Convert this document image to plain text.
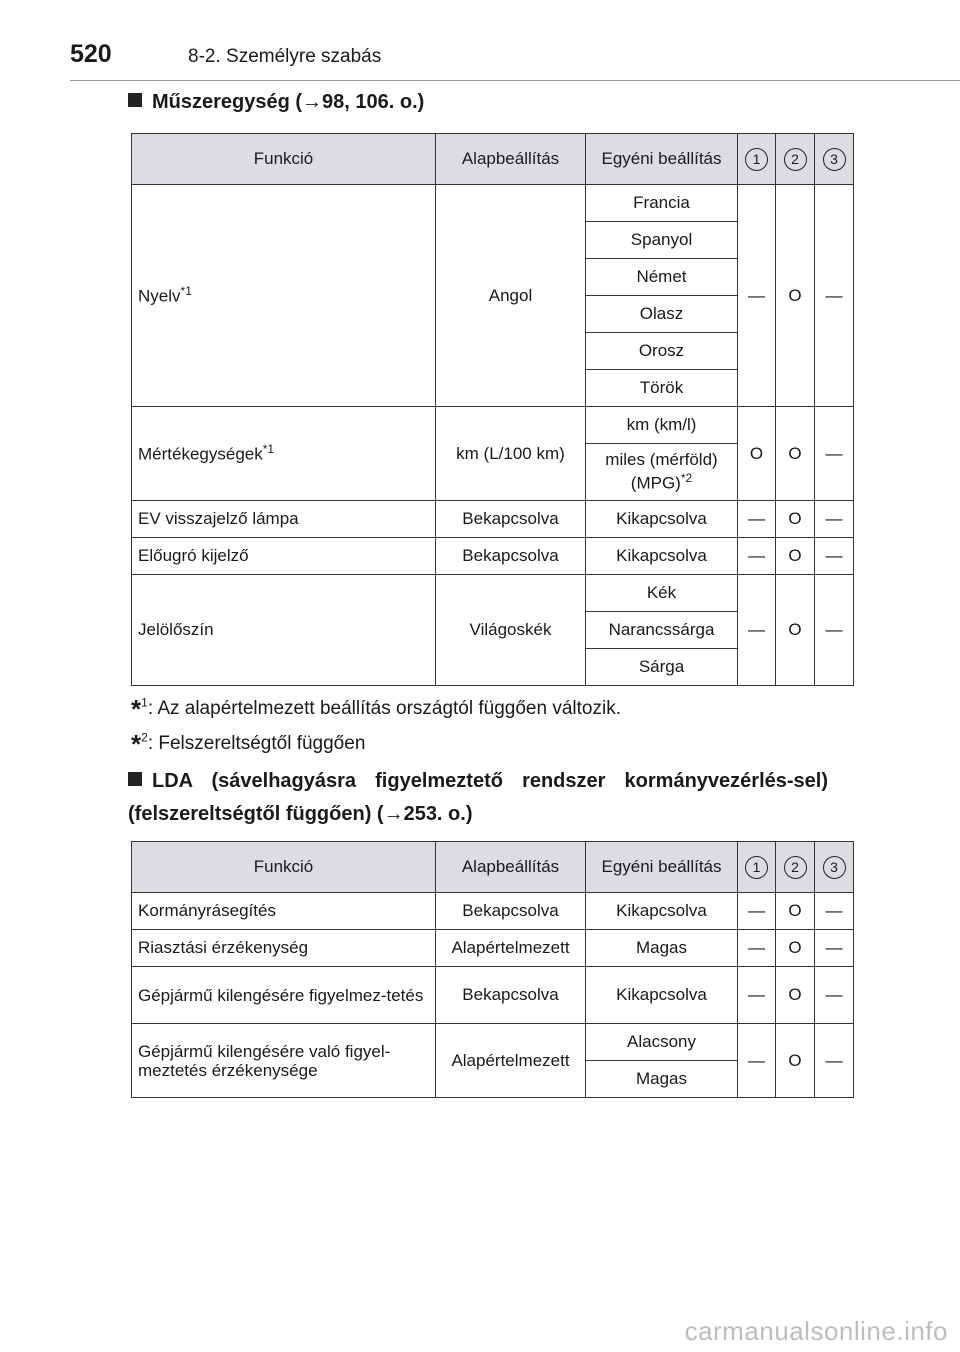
520	8-2. Személyre szabás
Műszeregység (→98, 106. o.)
Funkció	Alapbeállítás	Egyéni beállítás	1	2	3
Nyelv$^{*1}$	Angol	Francia	—	O	—
		Spanyol			
		Német			
		Olasz			
		Orosz			
		Török			
Mértékegységek$^{*1}$	km (L/100 km)	km (km/l)	O	O	—
		miles (mérföld) (MPG)$^{*2}$
EV visszajelző lámpa	Bekapcsolva	Kikapcsolva	—	O	—
Előugró kijelző	Bekapcsolva	Kikapcsolva	—	O	—
Jelölőszín	Világoskék	Kék	—	O	—
		Narancssárga			
		Sárga			
*$^1$: Az alapértelmezett beállítás országtól függően változik.
*$^2$: Felszereltségtől függően
LDA (sávelhagyásra figyelmeztető rendszer kormányvezérlés-sel) (felszereltségtől függően) (→253. o.)
Funkció	Alapbeállítás	Egyéni beállítás	1	2	3
Kormányrásegítés	Bekapcsolva	Kikapcsolva	—	O	—
Riasztási érzékenység	Alapértelmezett	Magas	—	O	—
Gépjármű kilengésére figyelmez-tetés	Bekapcsolva	Kikapcsolva	—	O	—
Gépjármű kilengésére való figyel-meztetés érzékenysége	Alapértelmezett	Alacsony	—	O	—
		Magas			
carmanualsonline.info
